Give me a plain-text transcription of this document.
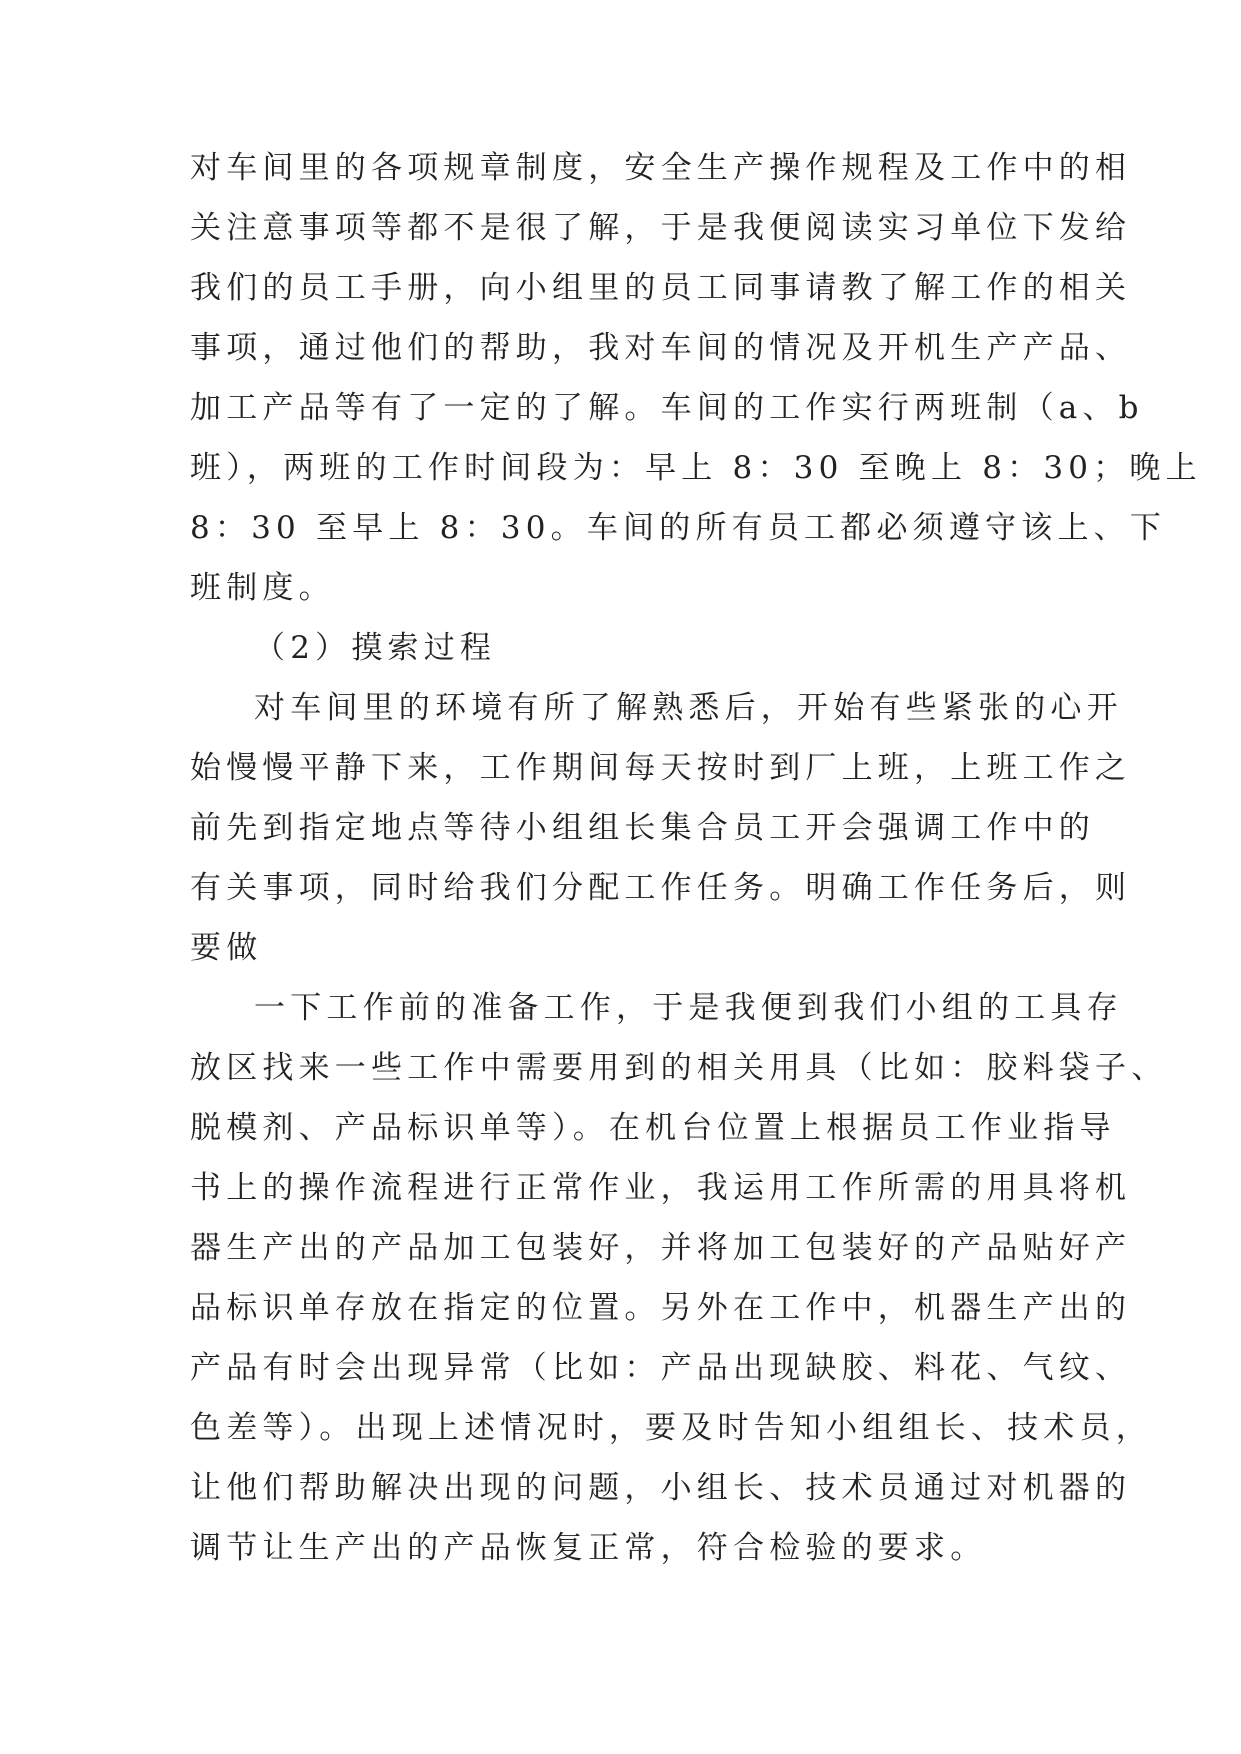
对车间里的各项规章制度，安全生产操作规程及工作中的相
关注意事项等都不是很了解，于是我便阅读实习单位下发给
我们的员工手册，向小组里的员工同事请教了解工作的相关
事项，通过他们的帮助，我对车间的情况及开机生产产品、
加工产品等有了一定的了解。车间的工作实行两班制（a、b
班），两班的工作时间段为：早上 8：30 至晚上 8：30；晚上
8：30 至早上 8：30。车间的所有员工都必须遵守该上、下
班制度。
（2）摸索过程
对车间里的环境有所了解熟悉后，开始有些紧张的心开
始慢慢平静下来，工作期间每天按时到厂上班，上班工作之
前先到指定地点等待小组组长集合员工开会强调工作中的
有关事项，同时给我们分配工作任务。明确工作任务后，则
要做
一下工作前的准备工作，于是我便到我们小组的工具存
放区找来一些工作中需要用到的相关用具（比如：胶料袋子、
脱模剂、产品标识单等）。在机台位置上根据员工作业指导
书上的操作流程进行正常作业，我运用工作所需的用具将机
器生产出的产品加工包装好，并将加工包装好的产品贴好产
品标识单存放在指定的位置。另外在工作中，机器生产出的
产品有时会出现异常（比如：产品出现缺胶、料花、气纹、
色差等）。出现上述情况时，要及时告知小组组长、技术员，
让他们帮助解决出现的问题，小组长、技术员通过对机器的
调节让生产出的产品恢复正常，符合检验的要求。
